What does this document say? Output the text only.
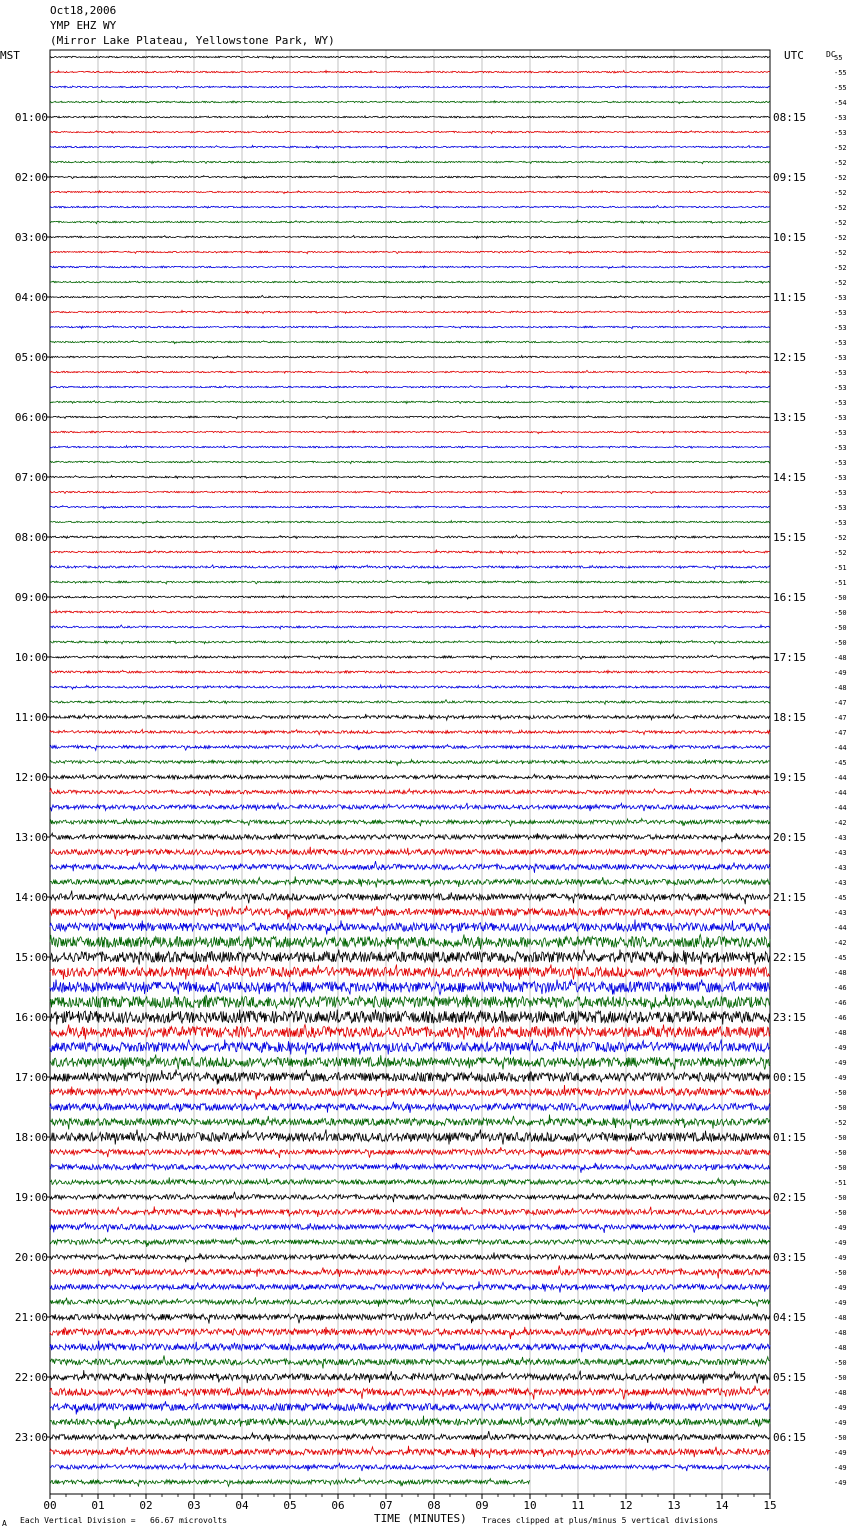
Oct18,2006
YMP EHZ WY
(Mirror Lake Plateau, Yellowstone Park, WY)
MST	UTC	DC
55
-55
-55
-54
-53
-53
-52
-52
-52
-52
-52
-52
-52
-52
-52
-52
-53
-53
-53
-53
-53
-53
-53
-53
-53
-53
-53
-53
-53
-53
-53
-53
-52
-52
-51
-51
-50
-50
-50
-50
-48
-49
-48
-47
-47
-47
-44
-45
-44
-44
-44
-42
-43
-43
-43
-43
-45
-43
-44
-42
-45
-48
-46
-46
-46
-48
-49
-49
-49
-50
-50
-52
-50
-50
-50
-51
-50
-50
-49
-49
-49
-50
-49
-49
-48
-48
-48
-50
-50
-48
-49
-49
-50
-49
-49
-49
01:00
02:00
03:00
04:00
05:00
06:00
07:00
08:00
09:00
10:00
11:00
12:00
13:00
14:00
15:00
16:00
17:00
18:00
19:00
20:00
21:00
22:00
23:00
08:15
09:15
10:15
11:15
12:15
13:15
14:15
15:15
16:15
17:15
18:15
19:15
20:15
21:15
22:15
23:15
00:15
01:15
02:15
03:15
04:15
05:15
06:15
00	01	02	03	04	05	06	07	08	09	10	11	12	13	14	15
A Each Vertical Division =   66.67 microvolts	TIME (MINUTES) Traces clipped at plus/minus 5 vertical divisions
